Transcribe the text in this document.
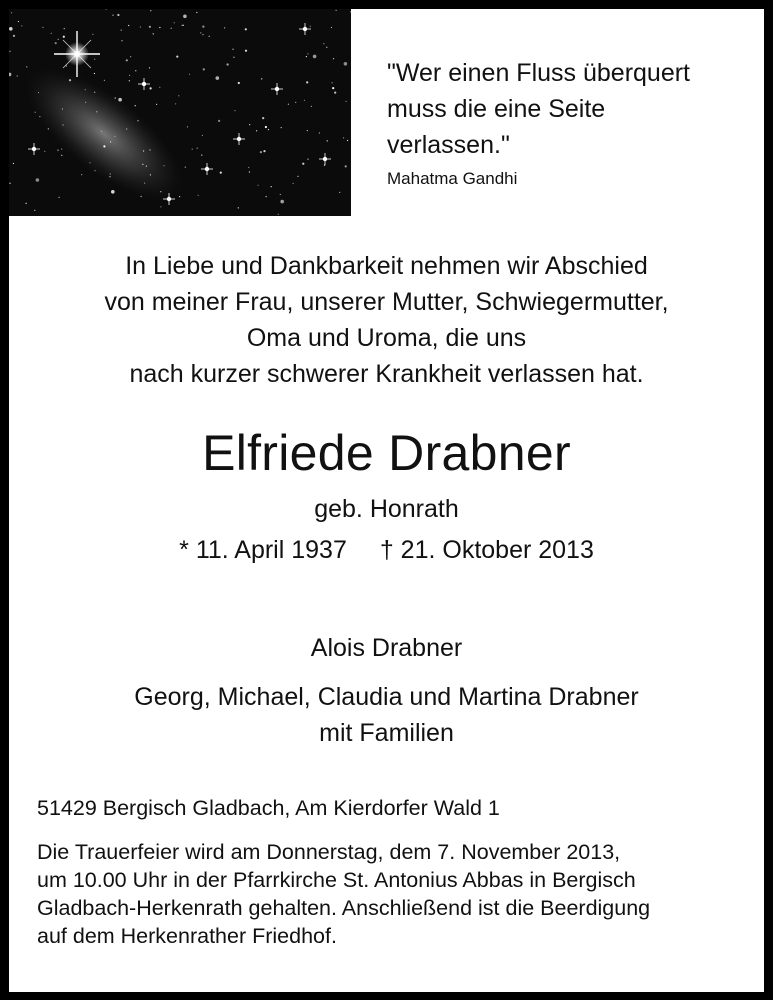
"Wer einen Fluss überquert
muss die eine Seite
verlassen."
Mahatma Gandhi
In Liebe und Dankbarkeit nehmen wir Abschied
von meiner Frau, unserer Mutter, Schwiegermutter,
Oma und Uroma, die uns
nach kurzer schwerer Krankheit verlassen hat.
Elfriede Drabner
geb. Honrath
* 11. April 1937 † 21. Oktober 2013
Alois Drabner
Georg, Michael, Claudia und Martina Drabner
mit Familien
51429 Bergisch Gladbach, Am Kierdorfer Wald 1
Die Trauerfeier wird am Donnerstag, dem 7. November 2013,
um 10.00 Uhr in der Pfarrkirche St. Antonius Abbas in Bergisch
Gladbach-Herkenrath gehalten. Anschließend ist die Beerdigung
auf dem Herkenrather Friedhof.
